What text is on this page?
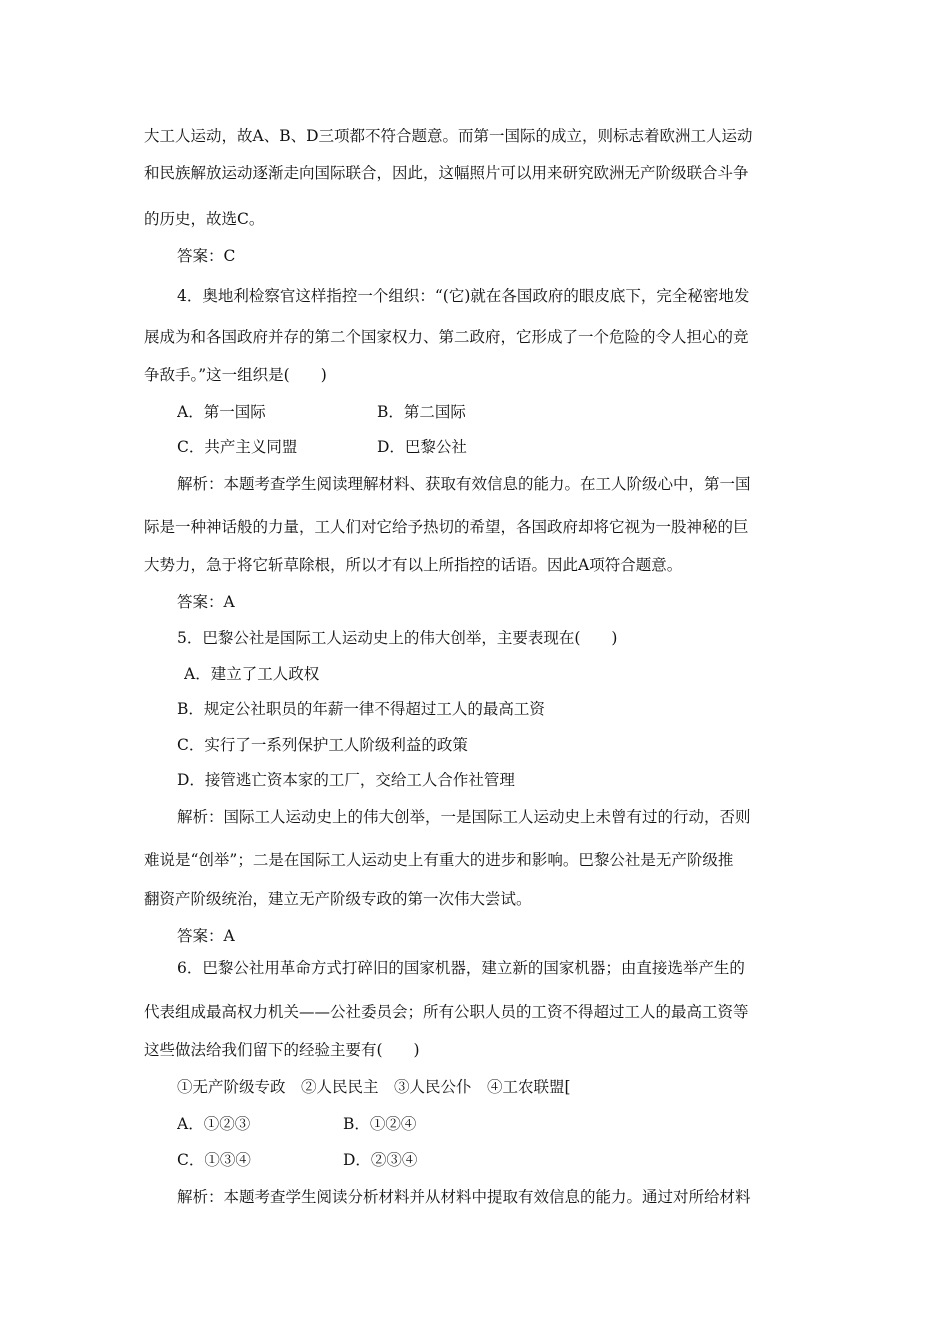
大工人运动，故A、B、D三项都不符合题意。而第一国际的成立，则标志着欧洲工人运动
和民族解放运动逐渐走向国际联合，因此，这幅照片可以用来研究欧洲无产阶级联合斗争
的历史，故选C。
答案：C
4．奥地利检察官这样指控一个组织：“(它)就在各国政府的眼皮底下，完全秘密地发
展成为和各国政府并存的第二个国家权力、第二政府，它形成了一个危险的令人担心的竞
争敌手。”这一组织是(　　)
A．第一国际	B．第二国际
C．共产主义同盟	D．巴黎公社
解析：本题考查学生阅读理解材料、获取有效信息的能力。在工人阶级心中，第一国
际是一种神话般的力量，工人们对它给予热切的希望，各国政府却将它视为一股神秘的巨
大势力，急于将它斩草除根，所以才有以上所指控的话语。因此A项符合题意。
答案：A
5．巴黎公社是国际工人运动史上的伟大创举，主要表现在(　　)
A．建立了工人政权
B．规定公社职员的年薪一律不得超过工人的最高工资
C．实行了一系列保护工人阶级利益的政策
D．接管逃亡资本家的工厂，交给工人合作社管理
解析：国际工人运动史上的伟大创举，一是国际工人运动史上未曾有过的行动，否则
难说是“创举”；二是在国际工人运动史上有重大的进步和影响。巴黎公社是无产阶级推
翻资产阶级统治，建立无产阶级专政的第一次伟大尝试。
答案：A
6．巴黎公社用革命方式打碎旧的国家机器，建立新的国家机器；由直接选举产生的
代表组成最高权力机关——公社委员会；所有公职人员的工资不得超过工人的最高工资等
这些做法给我们留下的经验主要有(　　)
①无产阶级专政　②人民民主　③人民公仆　④工农联盟[
A．①②③	B．①②④
C．①③④	D．②③④
解析：本题考查学生阅读分析材料并从材料中提取有效信息的能力。通过对所给材料
